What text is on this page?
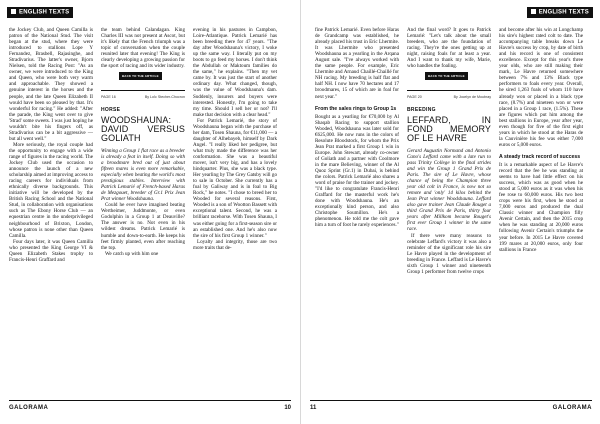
ENGLISH TEXTS

the Jockey Club, and Queen Camilla is patron of the National Stud. The visit began at the stud, where they were introduced to stallions Lope Y Fernandez, Brasbell, Rajasinghe, and Stradivarius. The latter's owner, Bjorn Nielsen, told the Racing Post: "As an owner, we were introduced to the King and Queen, who were both very warm and approachable. They showed a genuine interest in the horses and the people, and the late Queen Elizabeth II would have been so pleased by that. It's wonderful for racing." He added: "After the parade, the King went over to give 'Strad' some sweets. I was just hoping he wouldn't bite his fingers off, as Stradivarius can be a bit aggressive — but all went well."

More seriously, the royal couple had the opportunity to engage with a wide range of figures in the racing world. The Jockey Club used the occasion to announce the launch of a new scholarship aimed at improving access to racing careers for individuals from ethnically diverse backgrounds. This initiative will be developed by the British Racing School and the National Stud, in collaboration with organisations such as The Ebony Horse Club — an equestrian centre in the underprivileged neighbourhood of Brixton, London, whose patron is none other than Queen Camilla.

Four days later, it was Queen Camilla who presented the King George VI & Queen Elizabeth Stakes trophy to Francis-Henri Graffard and

the team behind Calandagan. King Charles III was not present at Ascot, but it's likely that the French triumph was a topic of conversation when the couple reunited later that evening! The King is clearly developing a growing passion for the sport of racing and its wider industry.

BACK TO THE ARTICLE
PAGE 16	By Loïc Stecher-Chocron
HORSE
WOODSHAUNA: DAVID VERSUS GOLIATH

Winning a Group 1 flat race as a breeder is already a feat in itself. Doing so with a broodmare bred out of just about fifteen mares is even more remarkable, especially when beating the world's most prestigious stables. Interview with Patrick Lemarié of French-based Haras de Mezgouet, breeder of Gr.1 Prix Jean Prat winner Woodshauna.

Could he ever have imagined beating Wertheimer, Juddmonte, or even Godolphin in a Group 1 at Deauville? The answer is no. Not even in his wildest dreams. Patrick Lemarié is humble and down-to-earth. He keeps his feet firmly planted, even after reaching the top.

We catch up with him one

evening in his pastures in Campbon, Loire-Atlantique. Patrick Lemarié has been breeding there for 47 years. "The day after Woodshauna's victory, I woke up the same way. I literally put on my boots to go feed my horses. I don't think the Abdullah or Maktoum families do the same," he explains. "Then my vet came by. It was just the start of another ordinary day. What changed, though, was the value of Woodshauna's dam. Suddenly, insurers and buyers were interested. Honestly, I'm going to take my time. Should I sell her or not? I'll make that decision with a clear head."

For Patrick Lemarié, the story of Woodshauna began with the purchase of her dam, Tosen Shauna, for €11,000 — a daughter of Alhebayeb, himself by Dark Angel. "I really liked her pedigree, but what truly made the difference was her conformation. She was a beautiful mover, isn't very big, and has a lovely hindquarter. Plus, she was a black type. Her yearling by The Grey Gatsby will go to sale in October. She currently has a foal by Galiway and is in foal to Big Rock," he notes. "I chose to breed her to Wooded for several reasons. First, Wooded is a son of Wootton Bassett with exceptional talent. Second, he was a brilliant racehorse. With Tosen Shauna, I was either going for a first-season sire or an established one. And he's also now the sire of his first Group 1 winner."

Loyalty and integrity, those are two more traits that de-

GALORAMA	10
ENGLISH TEXTS

fine Patrick Lemarié. Even before Haras de Grandcamp was established, he already placed his trust in Eric Lhermite. It was Lhermite who presented Woodshauna as a yearling in the Arqana August sale. "I've always worked with the same people. For example, Eric Lhermite and Arnaud Chaillé-Chaillé for NH racing. My breeding is half flat and half NH. I now have 70 hectares and 17 broodmares, 15 of which are in foal for next year."

From the sales rings to Group 1s

Bought as a yearling for €70,000 by Al Shaqab Racing to support stallion Wooded, Woodshauna was later sold for €625,000. He now runs in the colors of Resolute Bloodstock, for whom the Prix Jean Prat marked a first Group 1 win in Europe. John Stewart, already co-owner of Goliath and a partner with Coolmore in the mare Believing, winner of the Al Quoz Sprint (Gr.1) in Dubai, is behind the colors. Patrick Lemarié also shares a word of praise for the trainer and jockey. "I'd like to congratulate Francis-Henri Graffard for the masterful work he's done with Woodshauna. He's an exceptionally kind person, and also Christophe Soumillon. He's a phenomenon. He told me the colt gave him a turn of foot he rarely experiences."

And the final word? It goes to Patrick Lemarié: "Let's talk about the small breeders, who are the foundation of racing. They're the ones getting up at night, raising foals for at least a year. And I want to thank my wife, Marie, who handles the foaling.

BACK TO THE ARTICLE
PAGE 20	By Jocelyn de Moubray
BREEDING
LEFFARD, IN FOND MEMORY OF LE HAVRE

Gerard Augustin Normand and Antonio Cano's Leffard came with a late run to pass Trinity College in the final strides and win the Group 1 Grand Prix de Paris. The sire of Le Havre, whose chance of being the Champion three year old colt in France, is now not so remote and 'only' 14 kilos behind the Jean Prat winner Woodshauna. Leffard also gave trainer Jean Claude Rouget a third Grand Prix de Paris, thirty four years after Millkom became Rouget's first ever Group 1 winner in the same race.

If there were many reasons to celebrate Leffard's victory it was also a reminder of the significant role his sire Le Havre played in the development of breeding in France. Leffard is Le Havre's sixth Group 1 winner and nineteenth Group 1 performer from twelve crops

and become after his win at Longchamp his sire's highest rated colt to date. The accompanying table breaks down Le Havre's success by crop, by date of birth and his record is one of consistent excellence. Except for this year's three year olds, who are still making their mark, Le Havre returned somewhere between 7% and 13% Black type performers to foals every year. Overall, he sired 1,263 foals of whom 110 have already won or placed in a black type race, (8.7%) and nineteen won or were placed in a Group 1 race, (1.5%). These are figures which put him among the best stallions in Europe, year after year, even though for five of the first eight years in which he stood at the Haras de la Cauvinière his fee was either 7,000 euros or 5,000 euros.

A steady track record of success

It is a remarkable aspect of Le Havre's record that the fee he was standing at seems to have had little effect on his success, which was as good when he stood at 5,000 euros as it was when his fee rose to 60,000 euros. His two best crops were his first, when he stood at 7,000 euros and produced the dual Classic winner and Champion filly Avenir Certain, and then the 2015 crop when he was standing at 20,000 euros following Avenir Certain's triumphs the year before. In 2015 Le Havre covered 199 mares at 20,000 euros, only four stallions in France

11	GALORAMA
